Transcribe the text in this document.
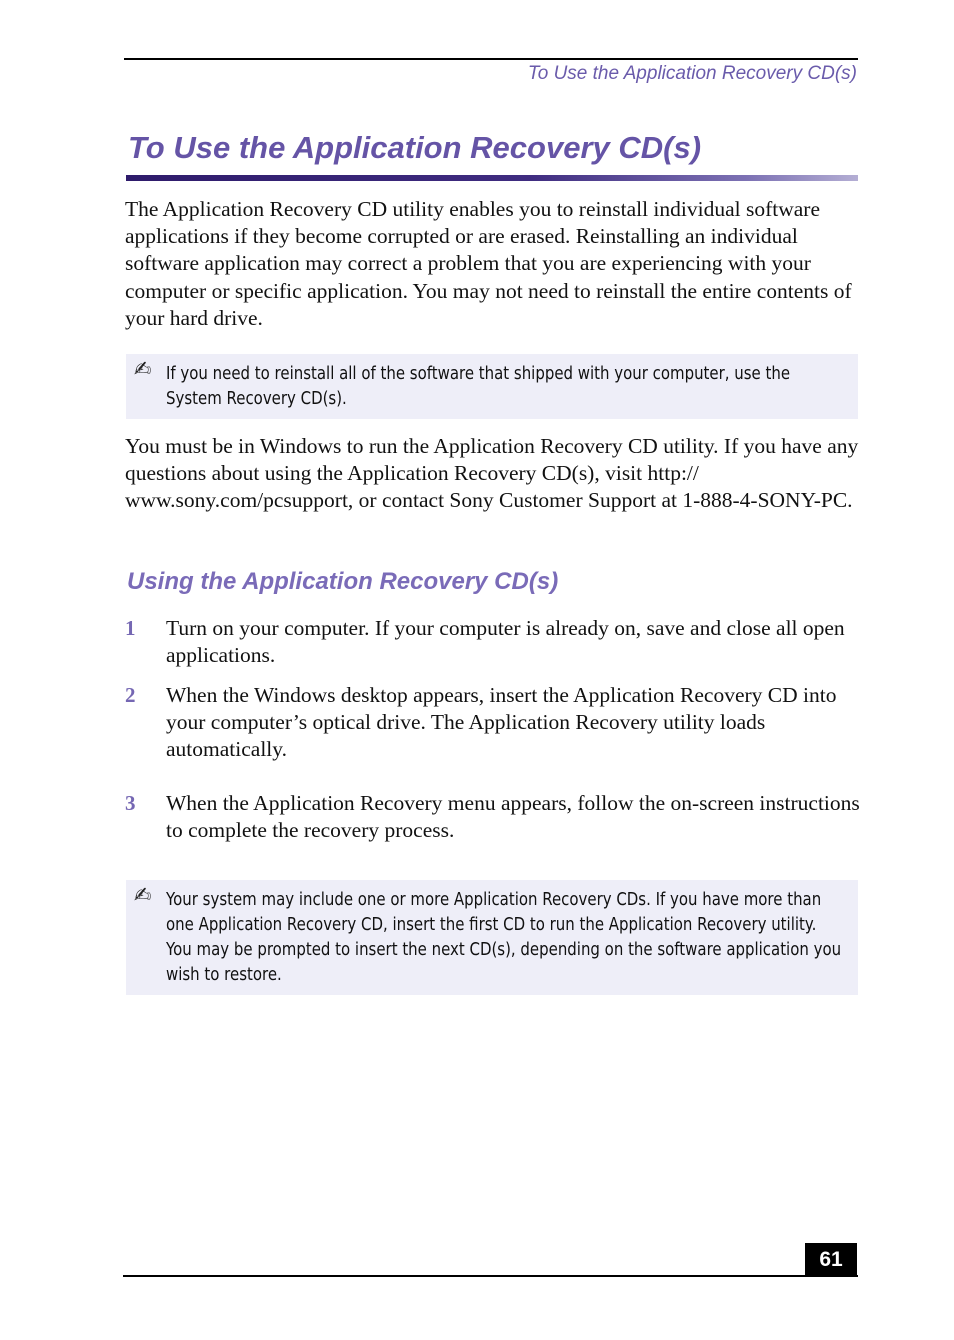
To Use the Application Recovery CD(s)
To Use the Application Recovery CD(s)

The Application Recovery CD utility enables you to reinstall individual software applications if they become corrupted or are erased. Reinstalling an individual software application may correct a problem that you are experiencing with your computer or specific application. You may not need to reinstall the entire contents of your hard drive.

✍ If you need to reinstall all of the software that shipped with your computer, use the System Recovery CD(s).

You must be in Windows to run the Application Recovery CD utility. If you have any questions about using the Application Recovery CD(s), visit http:// www.sony.com/pcsupport, or contact Sony Customer Support at 1-888-4-SONY-PC.

Using the Application Recovery CD(s)
1	Turn on your computer. If your computer is already on, save and close all open applications.

2	When the Windows desktop appears, insert the Application Recovery CD into your computer’s optical drive. The Application Recovery utility loads automatically.

3	When the Application Recovery menu appears, follow the on-screen instructions to complete the recovery process.

✍ Your system may include one or more Application Recovery CDs. If you have more than one Application Recovery CD, insert the first CD to run the Application Recovery utility. You may be prompted to insert the next CD(s), depending on the software application you wish to restore.
61
